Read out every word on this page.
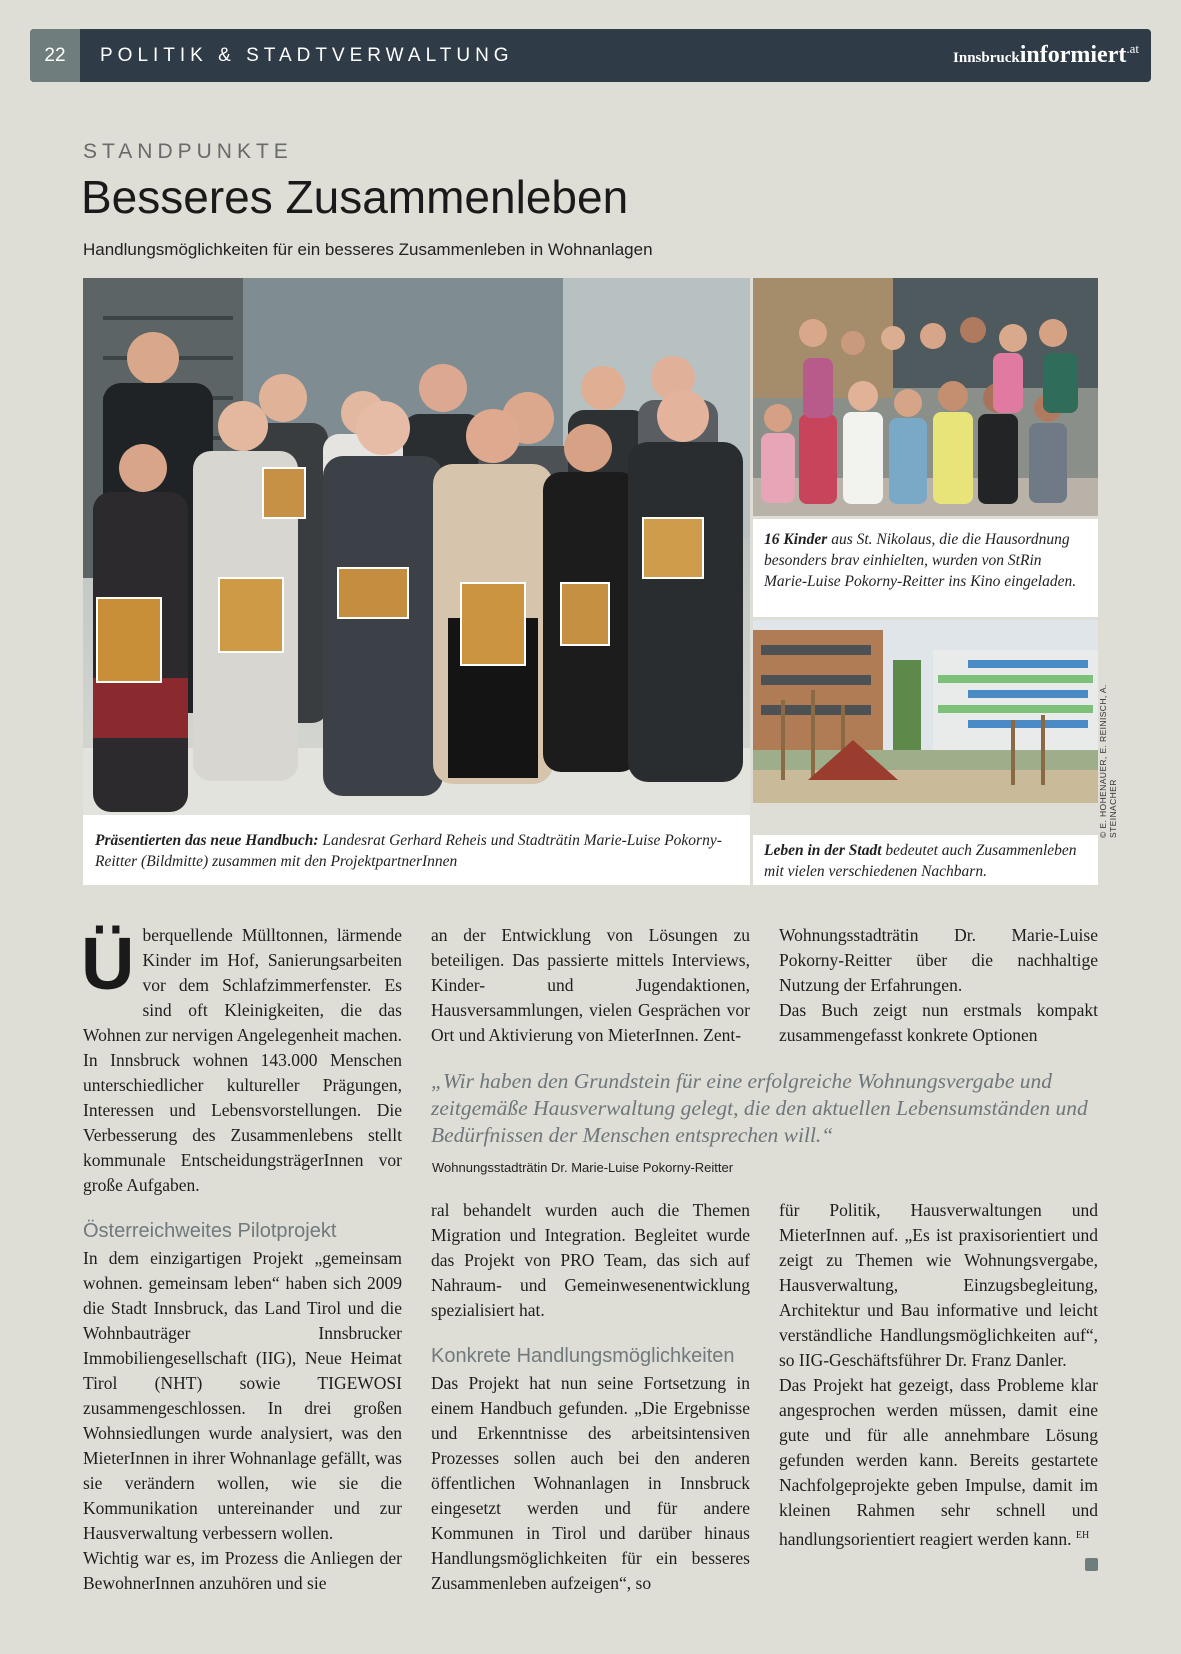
22	POLITIK & STADTVERWALTUNG	Innsbruckinformiert$^{.at}$
STANDPUNKTE
Besseres Zusammenleben
Handlungsmöglichkeiten für ein besseres Zusammenleben in Wohnanlagen
16 Kinder aus St. Nikolaus, die die Hausordnung besonders brav einhielten, wurden von StRin Marie-Luise Pokorny-Reitter ins Kino eingeladen.
Leben in der Stadt bedeutet auch Zusammenleben mit vielen verschiedenen Nachbarn.
Präsentierten das neue Handbuch: Landesrat Gerhard Reheis und Stadträtin Marie-Luise Pokorny-Reitter (Bildmitte) zusammen mit den ProjektpartnerInnen
© E. HOHENAUER, E. REINISCH, A. STEINACHER

Überquellende Mülltonnen, lärmende Kinder im Hof, Sanierungsarbeiten vor dem Schlafzimmerfenster. Es sind oft Kleinigkeiten, die das Wohnen zur nervigen Angelegenheit machen. In Innsbruck wohnen 143.000 Menschen unterschiedlicher kultureller Prägungen, Interessen und Lebensvorstellungen. Die Verbesserung des Zusammenlebens stellt kommunale EntscheidungsträgerInnen vor große Aufgaben.

Österreichweites Pilotprojekt

In dem einzigartigen Projekt „gemeinsam wohnen. gemeinsam leben“ haben sich 2009 die Stadt Innsbruck, das Land Tirol und die Wohnbauträger Innsbrucker Immobiliengesellschaft (IIG), Neue Heimat Tirol (NHT) sowie TIGEWOSI zusammengeschlossen. In drei großen Wohnsiedlungen wurde analysiert, was den MieterInnen in ihrer Wohnanlage gefällt, was sie verändern wollen, wie sie die Kommunikation untereinander und zur Hausverwaltung verbessern wollen.

Wichtig war es, im Prozess die Anliegen der BewohnerInnen anzuhören und sie

an der Entwicklung von Lösungen zu beteiligen. Das passierte mittels Interviews, Kinder- und Jugendaktionen, Hausversammlungen, vielen Gesprächen vor Ort und Aktivierung von MieterInnen. Zent-

Wohnungsstadträtin Dr. Marie-Luise Pokorny-Reitter über die nachhaltige Nutzung der Erfahrungen.

Das Buch zeigt nun erstmals kompakt zusammengefasst konkrete Optionen

„Wir haben den Grundstein für eine erfolgreiche Wohnungsvergabe und zeitgemäße Hausverwaltung gelegt, die den aktuellen Lebensumständen und Bedürfnissen der Menschen entsprechen will.“
Wohnungsstadträtin Dr. Marie-Luise Pokorny-Reitter

ral behandelt wurden auch die Themen Migration und Integration. Begleitet wurde das Projekt von PRO Team, das sich auf Nahraum- und Gemeinwesenentwicklung spezialisiert hat.

Konkrete Handlungsmöglichkeiten

Das Projekt hat nun seine Fortsetzung in einem Handbuch gefunden. „Die Ergebnisse und Erkenntnisse des arbeitsintensiven Prozesses sollen auch bei den anderen öffentlichen Wohnanlagen in Innsbruck eingesetzt werden und für andere Kommunen in Tirol und darüber hinaus Handlungsmöglichkeiten für ein besseres Zusammenleben aufzeigen“, so

für Politik, Hausverwaltungen und MieterInnen auf. „Es ist praxisorientiert und zeigt zu Themen wie Wohnungsvergabe, Hausverwaltung, Einzugsbegleitung, Architektur und Bau informative und leicht verständliche Handlungsmöglichkeiten auf“, so IIG-Geschäftsführer Dr. Franz Danler.

Das Projekt hat gezeigt, dass Probleme klar angesprochen werden müssen, damit eine gute und für alle annehmbare Lösung gefunden werden kann. Bereits gestartete Nachfolgeprojekte geben Impulse, damit im kleinen Rahmen sehr schnell und handlungsorientiert reagiert werden kann. $^{EH}$
